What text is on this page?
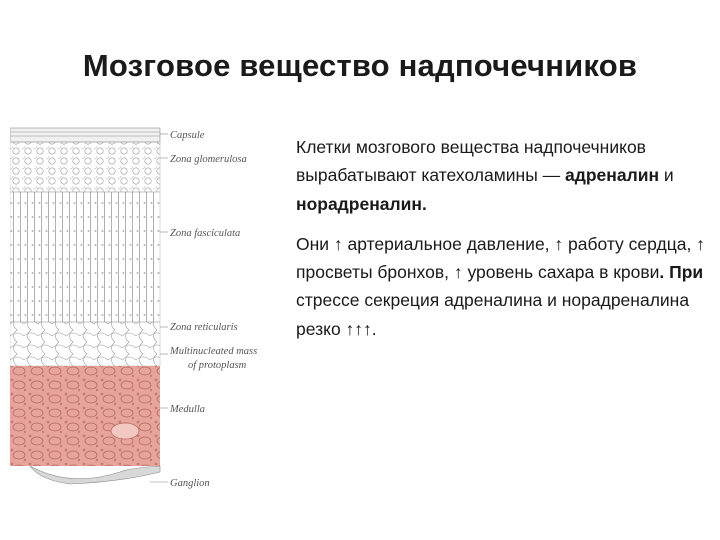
Мозговое вещество надпочечников
Capsule
Zona glomerulosa
Zona fasciculata
Zona reticularis
Multinucleated mass
of protoplasm
Medulla
Ganglion

Клетки мозгового вещества надпочечников вырабатывают катехоламины — адреналин и норадреналин.

Они ↑ артериальное давление, ↑ работу сердца, ↑ просветы бронхов, ↑ уровень сахара в крови. При стрессе секреция адреналина и норадреналина резко ↑↑↑.
